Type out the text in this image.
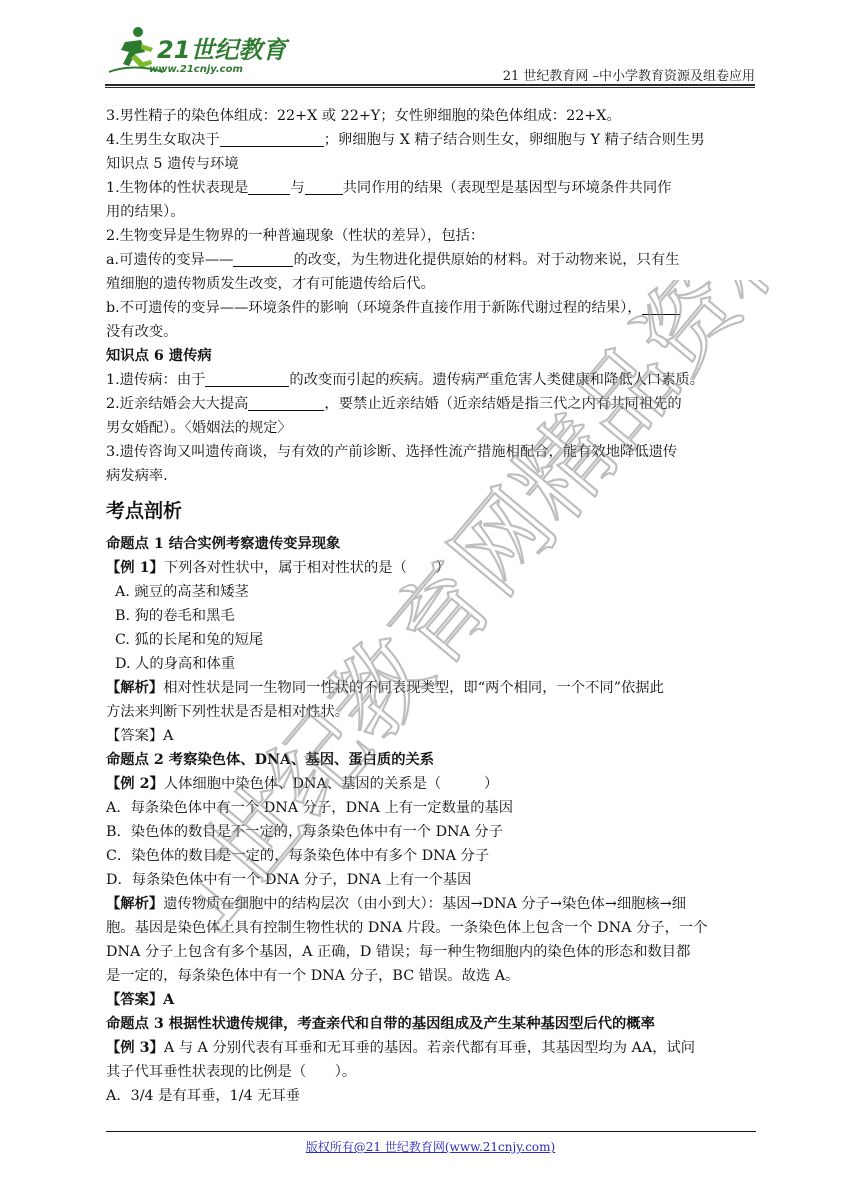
21世纪教育
www.21cnjy.com	21 世纪教育网 –中小学教育资源及组卷应用
3.男性精子的染色体组成：22+X 或 22+Y；女性卵细胞的染色体组成：22+X。
4.生男生女取决于	；卵细胞与 X 精子结合则生女，卵细胞与 Y 精子结合则生男
知识点 5 遗传与环境
1.生物体的性状表现是	与	共同作用的结果（表现型是基因型与环境条件共同作
用的结果）。
2.生物变异是生物界的一种普遍现象（性状的差异），包括：
a.可遗传的变异——	的改变，为生物进化提供原始的材料。对于动物来说，只有生
殖细胞的遗传物质发生改变，才有可能遗传给后代。
b.不可遗传的变异——环境条件的影响（环境条件直接作用于新陈代谢过程的结果），
没有改变。
知识点 6 遗传病
1.遗传病：由于	的改变而引起的疾病。遗传病严重危害人类健康和降低人口素质。
2.近亲结婚会大大提高	，要禁止近亲结婚（近亲结婚是指三代之内有共同祖先的
男女婚配）。〈婚姻法的规定〉
3.遗传咨询又叫遗传商谈，与有效的产前诊断、选择性流产措施相配合，能有效地降低遗传
病发病率.
考点剖析
命题点 1 结合实例考察遗传变异现象
【例 1】下列各对性状中，属于相对性状的是（　　）
A. 豌豆的高茎和矮茎
B. 狗的卷毛和黑毛
C. 狐的长尾和兔的短尾
D. 人的身高和体重
【解析】相对性状是同一生物同一性状的不同表现类型，即“两个相同，一个不同”依据此
方法来判断下列性状是否是相对性状。
【答案】A
命题点 2 考察染色体、DNA、基因、蛋白质的关系
【例 2】人体细胞中染色体、DNA、基因的关系是（　　　）
A．每条染色体中有一个 DNA 分子，DNA 上有一定数量的基因
B．染色体的数目是不一定的，每条染色体中有一个 DNA 分子
C．染色体的数目是一定的，每条染色体中有多个 DNA 分子
D．每条染色体中有一个 DNA 分子，DNA 上有一个基因
【解析】遗传物质在细胞中的结构层次（由小到大）：基因→DNA 分子→染色体→细胞核→细
胞。基因是染色体上具有控制生物性状的 DNA 片段。一条染色体上包含一个 DNA 分子，一个
DNA 分子上包含有多个基因，A 正确，D 错误；每一种生物细胞内的染色体的形态和数目都
是一定的，每条染色体中有一个 DNA 分子，BC 错误。故选 A。
【答案】A
命题点 3 根据性状遗传规律，考查亲代和自带的基因组成及产生某种基因型后代的概率
【例 3】A 与 A 分别代表有耳垂和无耳垂的基因。若亲代都有耳垂，其基因型均为 AA，试问
其子代耳垂性状表现的比例是（　　）。
A．3/4 是有耳垂，1/4 无耳垂
21世纪教育网精品资料
版权所有@21 世纪教育网(www.21cnjy.com)
